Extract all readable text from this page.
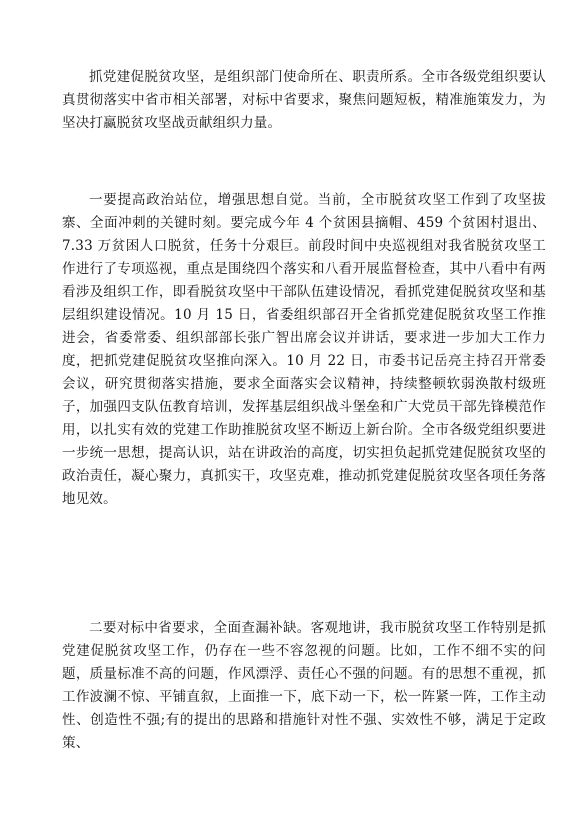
抓党建促脱贫攻坚，是组织部门使命所在、职责所系。全市各级党组织要认真贯彻落实中省市相关部署，对标中省要求，聚焦问题短板，精准施策发力，为坚决打赢脱贫攻坚战贡献组织力量。

一要提高政治站位，增强思想自觉。当前，全市脱贫攻坚工作到了攻坚拔寨、全面冲刺的关键时刻。要完成今年 4 个贫困县摘帽、459 个贫困村退出、7.33 万贫困人口脱贫，任务十分艰巨。前段时间中央巡视组对我省脱贫攻坚工作进行了专项巡视，重点是围绕四个落实和八看开展监督检查，其中八看中有两看涉及组织工作，即看脱贫攻坚中干部队伍建设情况，看抓党建促脱贫攻坚和基层组织建设情况。10 月 15 日，省委组织部召开全省抓党建促脱贫攻坚工作推进会，省委常委、组织部部长张广智出席会议并讲话，要求进一步加大工作力度，把抓党建促脱贫攻坚推向深入。10 月 22 日，市委书记岳亮主持召开常委会议，研究贯彻落实措施，要求全面落实会议精神，持续整顿软弱涣散村级班子，加强四支队伍教育培训，发挥基层组织战斗堡垒和广大党员干部先锋模范作用，以扎实有效的党建工作助推脱贫攻坚不断迈上新台阶。全市各级党组织要进一步统一思想，提高认识，站在讲政治的高度，切实担负起抓党建促脱贫攻坚的政治责任，凝心聚力，真抓实干，攻坚克难，推动抓党建促脱贫攻坚各项任务落地见效。

二要对标中省要求，全面查漏补缺。客观地讲，我市脱贫攻坚工作特别是抓党建促脱贫攻坚工作，仍存在一些不容忽视的问题。比如，工作不细不实的问题，质量标准不高的问题，作风漂浮、责任心不强的问题。有的思想不重视，抓工作波澜不惊、平铺直叙，上面推一下，底下动一下，松一阵紧一阵，工作主动性、创造性不强;有的提出的思路和措施针对性不强、实效性不够，满足于定政策、
